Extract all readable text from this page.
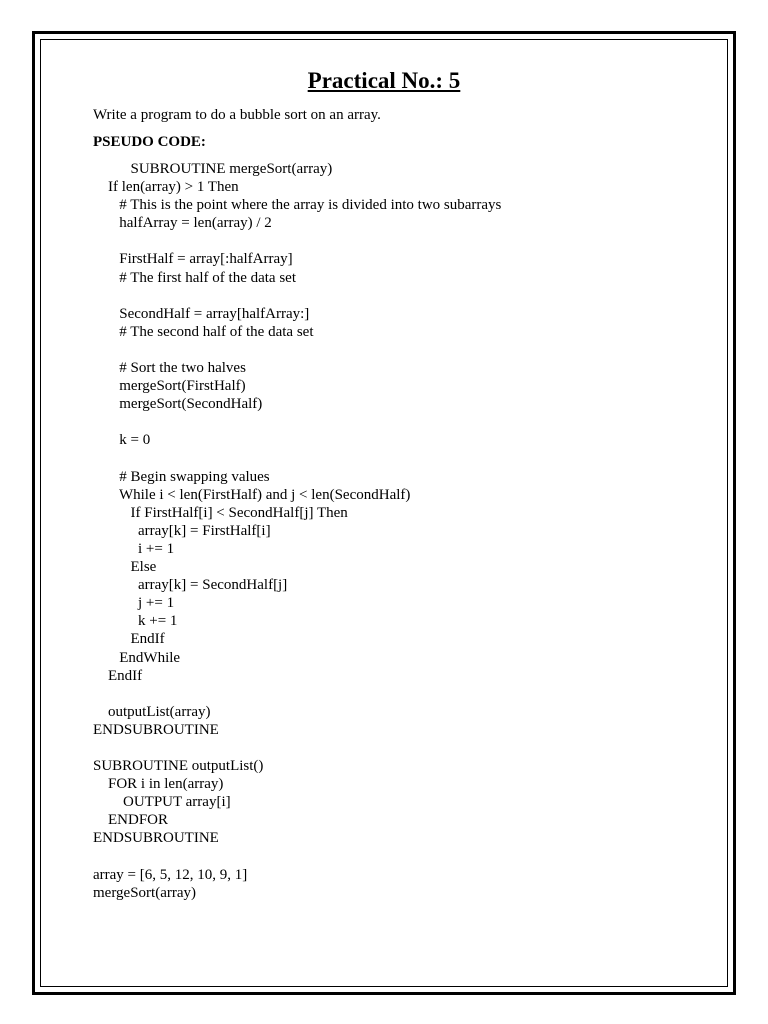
Practical No.: 5
Write a program to do a bubble sort on an array.
PSEUDO CODE:
SUBROUTINE mergeSort(array)
If len(array) > 1 Then
# This is the point where the array is divided into two subarrays
halfArray = len(array) / 2
FirstHalf = array[:halfArray]
# The first half of the data set
SecondHalf = array[halfArray:]
# The second half of the data set
# Sort the two halves
mergeSort(FirstHalf)
mergeSort(SecondHalf)
k = 0
# Begin swapping values
While i < len(FirstHalf) and j < len(SecondHalf)
If FirstHalf[i] < SecondHalf[j] Then
array[k] = FirstHalf[i]
i += 1
Else
array[k] = SecondHalf[j]
j += 1
k += 1
EndIf
EndWhile
EndIf
outputList(array)
ENDSUBROUTINE
SUBROUTINE outputList()
FOR i in len(array)
OUTPUT array[i]
ENDFOR
ENDSUBROUTINE
array = [6, 5, 12, 10, 9, 1]
mergeSort(array)
